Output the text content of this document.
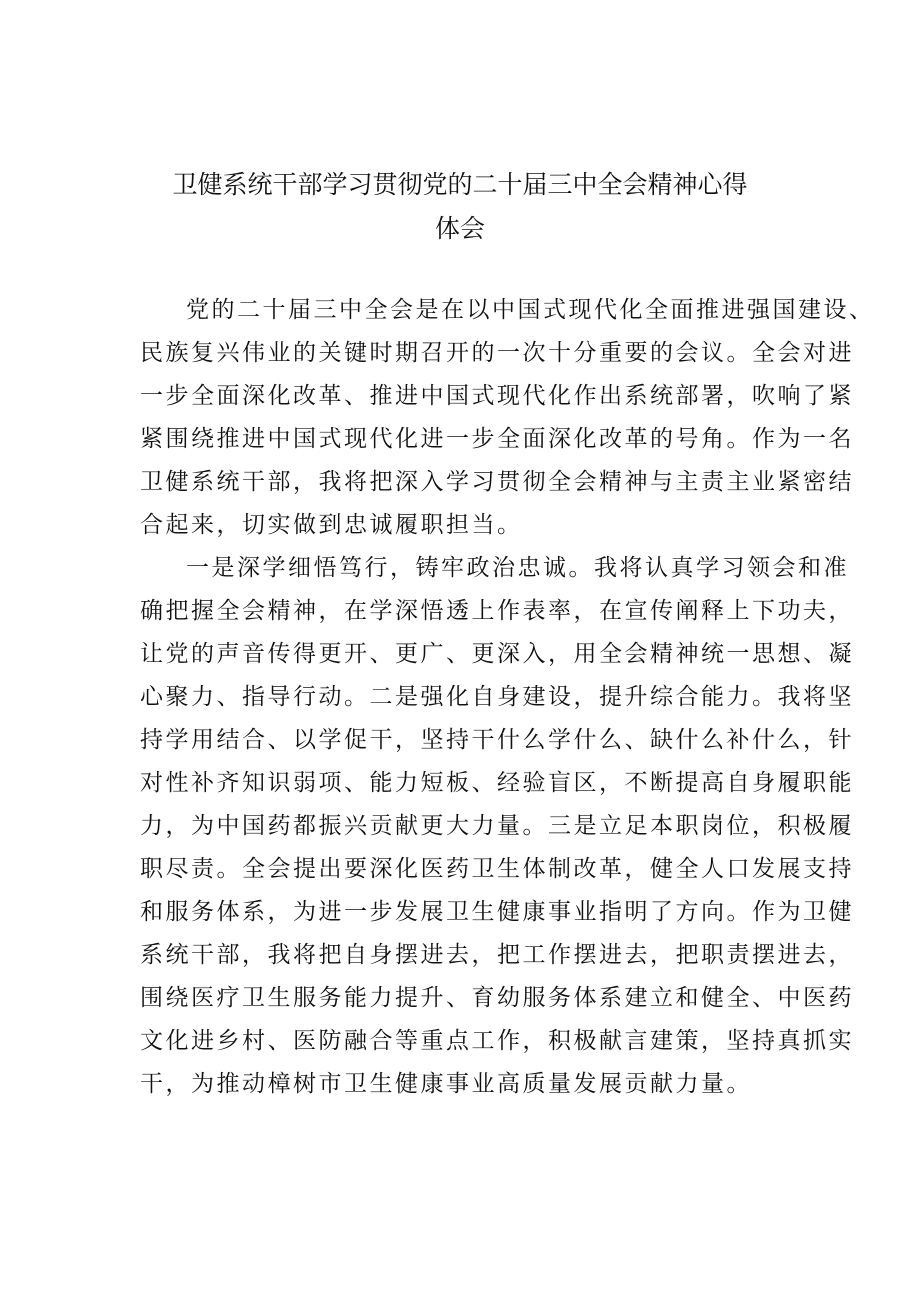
卫健系统干部学习贯彻党的二十届三中全会精神心得
体会
党的二十届三中全会是在以中国式现代化全面推进强国建设、
民族复兴伟业的关键时期召开的一次十分重要的会议。全会对进
一步全面深化改革、推进中国式现代化作出系统部署，吹响了紧
紧围绕推进中国式现代化进一步全面深化改革的号角。作为一名
卫健系统干部，我将把深入学习贯彻全会精神与主责主业紧密结
合起来，切实做到忠诚履职担当。
一是深学细悟笃行，铸牢政治忠诚。我将认真学习领会和准
确把握全会精神，在学深悟透上作表率，在宣传阐释上下功夫，
让党的声音传得更开、更广、更深入，用全会精神统一思想、凝
心聚力、指导行动。二是强化自身建设，提升综合能力。我将坚
持学用结合、以学促干，坚持干什么学什么、缺什么补什么，针
对性补齐知识弱项、能力短板、经验盲区，不断提高自身履职能
力，为中国药都振兴贡献更大力量。三是立足本职岗位，积极履
职尽责。全会提出要深化医药卫生体制改革，健全人口发展支持
和服务体系，为进一步发展卫生健康事业指明了方向。作为卫健
系统干部，我将把自身摆进去，把工作摆进去，把职责摆进去，
围绕医疗卫生服务能力提升、育幼服务体系建立和健全、中医药
文化进乡村、医防融合等重点工作，积极献言建策，坚持真抓实
干，为推动樟树市卫生健康事业高质量发展贡献力量。
